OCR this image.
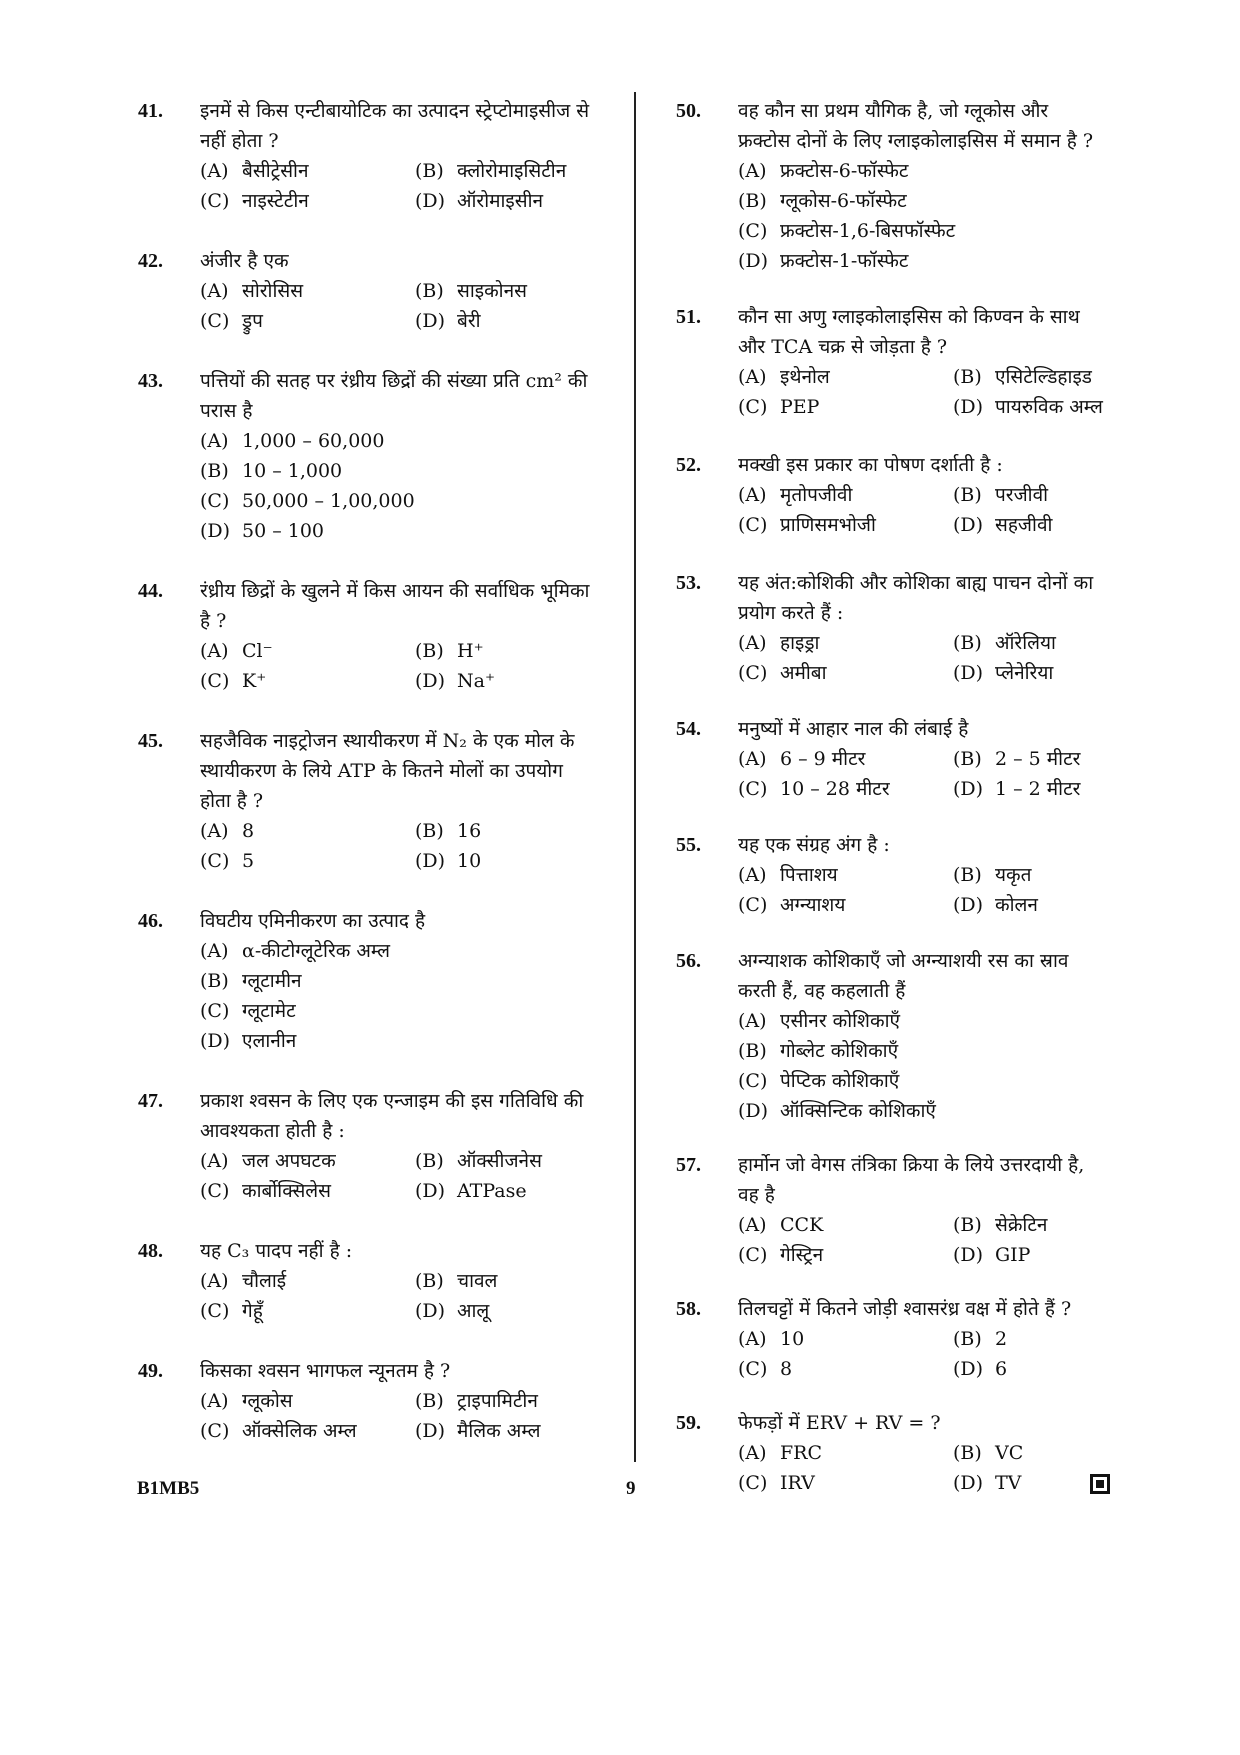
41. इनमें से किस एन्टीबायोटिक का उत्पादन स्ट्रेप्टोमाइसीज से नहीं होता ?
(A) बैसीट्रेसीन	(B) क्लोरोमाइसिटीन
(C) नाइस्टेटीन	(D) ऑरोमाइसीन
42. अंजीर है एक
(A) सोरोसिस	(B) साइकोनस
(C) ड्रुप	(D) बेरी
43. पत्तियों की सतह पर रंध्रीय छिद्रों की संख्या प्रति cm² की परास है
(A) 1,000 – 60,000
(B) 10 – 1,000
(C) 50,000 – 1,00,000
(D) 50 – 100
44. रंध्रीय छिद्रों के खुलने में किस आयन की सर्वाधिक भूमिका है ?
(A) Cl⁻	(B) H⁺
(C) K⁺	(D) Na⁺
45. सहजैविक नाइट्रोजन स्थायीकरण में N₂ के एक मोल के स्थायीकरण के लिये ATP के कितने मोलों का उपयोग होता है ?
(A) 8	(B) 16
(C) 5	(D) 10
46. विघटीय एमिनीकरण का उत्पाद है
(A) α-कीटोग्लूटेरिक अम्ल
(B) ग्लूटामीन
(C) ग्लूटामेट
(D) एलानीन
47. प्रकाश श्वसन के लिए एक एन्जाइम की इस गतिविधि की आवश्यकता होती है :
(A) जल अपघटक	(B) ऑक्सीजनेस
(C) कार्बोक्सिलेस	(D) ATPase
48. यह C₃ पादप नहीं है :
(A) चौलाई	(B) चावल
(C) गेहूँ	(D) आलू
49. किसका श्वसन भागफल न्यूनतम है ?
(A) ग्लूकोस	(B) ट्राइपामिटीन
(C) ऑक्सेलिक अम्ल	(D) मैलिक अम्ल
50. वह कौन सा प्रथम यौगिक है, जो ग्लूकोस और फ्रक्टोस दोनों के लिए ग्लाइकोलाइसिस में समान है ?
(A) फ्रक्टोस-6-फॉस्फेट
(B) ग्लूकोस-6-फॉस्फेट
(C) फ्रक्टोस-1,6-बिसफॉस्फेट
(D) फ्रक्टोस-1-फॉस्फेट
51. कौन सा अणु ग्लाइकोलाइसिस को किण्वन के साथ और TCA चक्र से जोड़ता है ?
(A) इथेनोल	(B) एसिटेल्डिहाइड
(C) PEP	(D) पायरुविक अम्ल
52. मक्खी इस प्रकार का पोषण दर्शाती है :
(A) मृतोपजीवी	(B) परजीवी
(C) प्राणिसमभोजी	(D) सहजीवी
53. यह अंत:कोशिकी और कोशिका बाह्य पाचन दोनों का प्रयोग करते हैं :
(A) हाइड्रा	(B) ऑरेलिया
(C) अमीबा	(D) प्लेनेरिया
54. मनुष्यों में आहार नाल की लंबाई है
(A) 6 – 9 मीटर	(B) 2 – 5 मीटर
(C) 10 – 28 मीटर	(D) 1 – 2 मीटर
55. यह एक संग्रह अंग है :
(A) पित्ताशय	(B) यकृत
(C) अग्न्याशय	(D) कोलन
56. अग्न्याशक कोशिकाएँ जो अग्न्याशयी रस का स्राव करती हैं, वह कहलाती हैं
(A) एसीनर कोशिकाएँ
(B) गोब्लेट कोशिकाएँ
(C) पेप्टिक कोशिकाएँ
(D) ऑक्सिन्टिक कोशिकाएँ
57. हार्मोन जो वेगस तंत्रिका क्रिया के लिये उत्तरदायी है, वह है
(A) CCK	(B) सेक्रेटिन
(C) गेस्ट्रिन	(D) GIP
58. तिलचट्टों में कितने जोड़ी श्वासरंध्र वक्ष में होते हैं ?
(A) 10	(B) 2
(C) 8	(D) 6
59. फेफड़ों में ERV + RV = ?
(A) FRC	(B) VC
(C) IRV	(D) TV
B1MB5	9
